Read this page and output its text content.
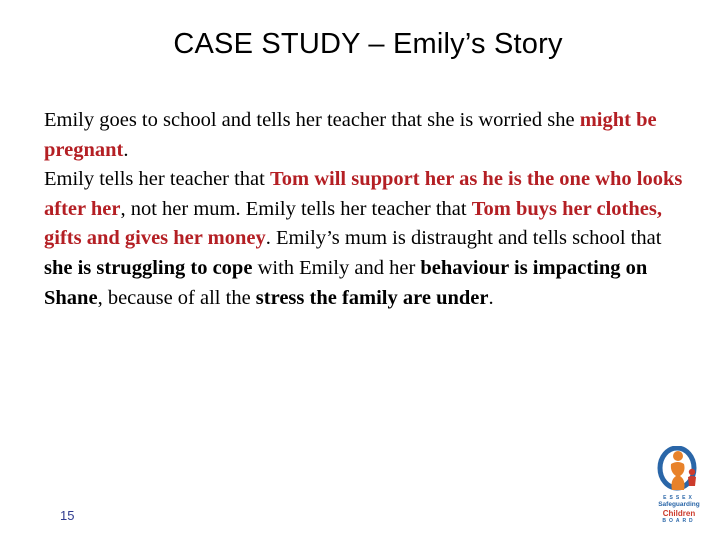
CASE STUDY – Emily’s Story
Emily goes to school and tells her teacher that she is worried she might be pregnant.
Emily tells her teacher that Tom will support her as he is the one who looks after her, not her mum. Emily tells her teacher that Tom buys her clothes, gifts and gives her money. Emily’s mum is distraught and tells school that she is struggling to cope with Emily and her behaviour is impacting on Shane, because of all the stress the family are under.
15
ESSEX
Safeguarding
Children
BOARD
